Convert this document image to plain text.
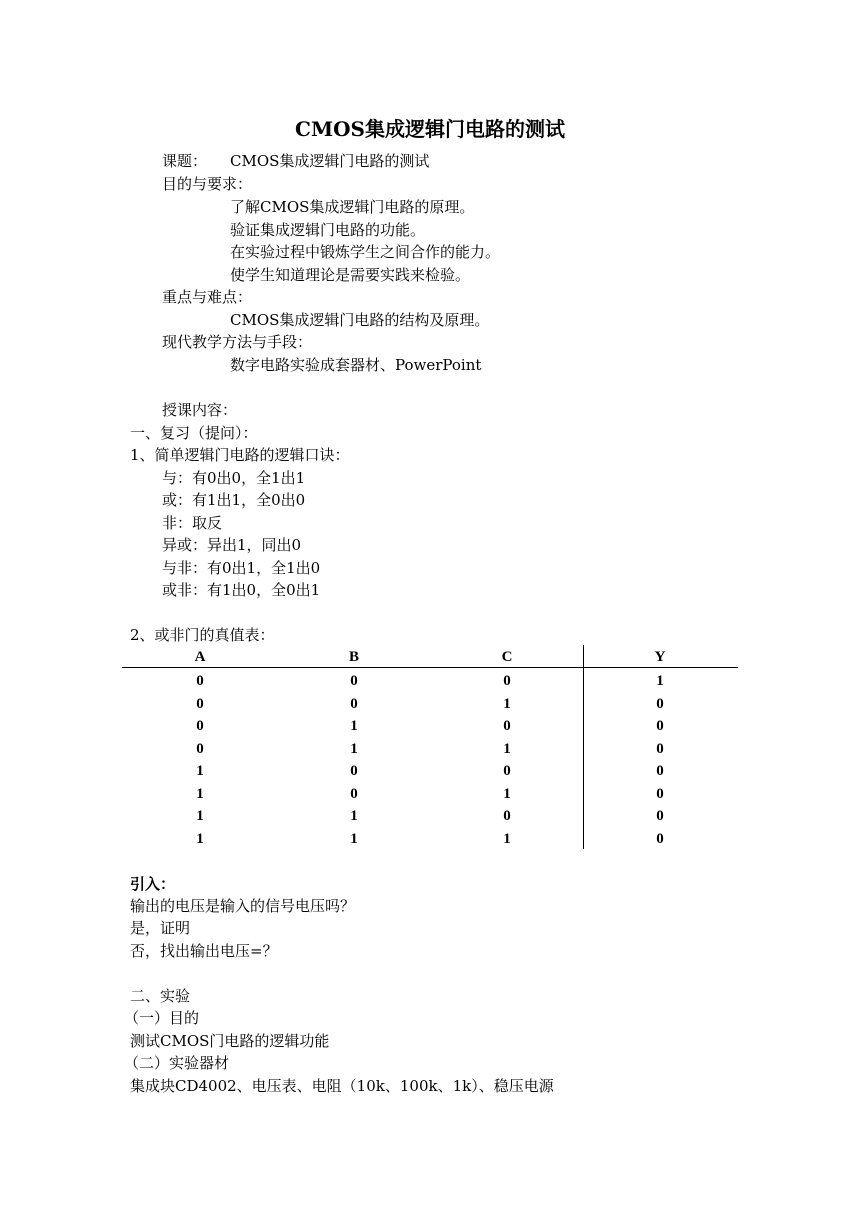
CMOS集成逻辑门电路的测试
课题： CMOS集成逻辑门电路的测试
目的与要求：
了解CMOS集成逻辑门电路的原理。
验证集成逻辑门电路的功能。
在实验过程中锻炼学生之间合作的能力。
使学生知道理论是需要实践来检验。
重点与难点：
CMOS集成逻辑门电路的结构及原理。
现代教学方法与手段：
数字电路实验成套器材、PowerPoint
授课内容：
一、复习（提问）：
1、简单逻辑门电路的逻辑口诀：
与：有0出0，全1出1
或：有1出1，全0出0
非：取反
异或：异出1，同出0
与非：有0出1，全1出0
或非：有1出0，全0出1
2、或非门的真值表：
A	B	C	Y
0	0	0	1
0	0	1	0
0	1	0	0
0	1	1	0
1	0	0	0
1	0	1	0
1	1	0	0
1	1	1	0
引入：
输出的电压是输入的信号电压吗？
是，证明
否，找出输出电压=？
二、实验
（一）目的
测试CMOS门电路的逻辑功能
（二）实验器材
集成块CD4002、电压表、电阻（10k、100k、1k）、稳压电源
